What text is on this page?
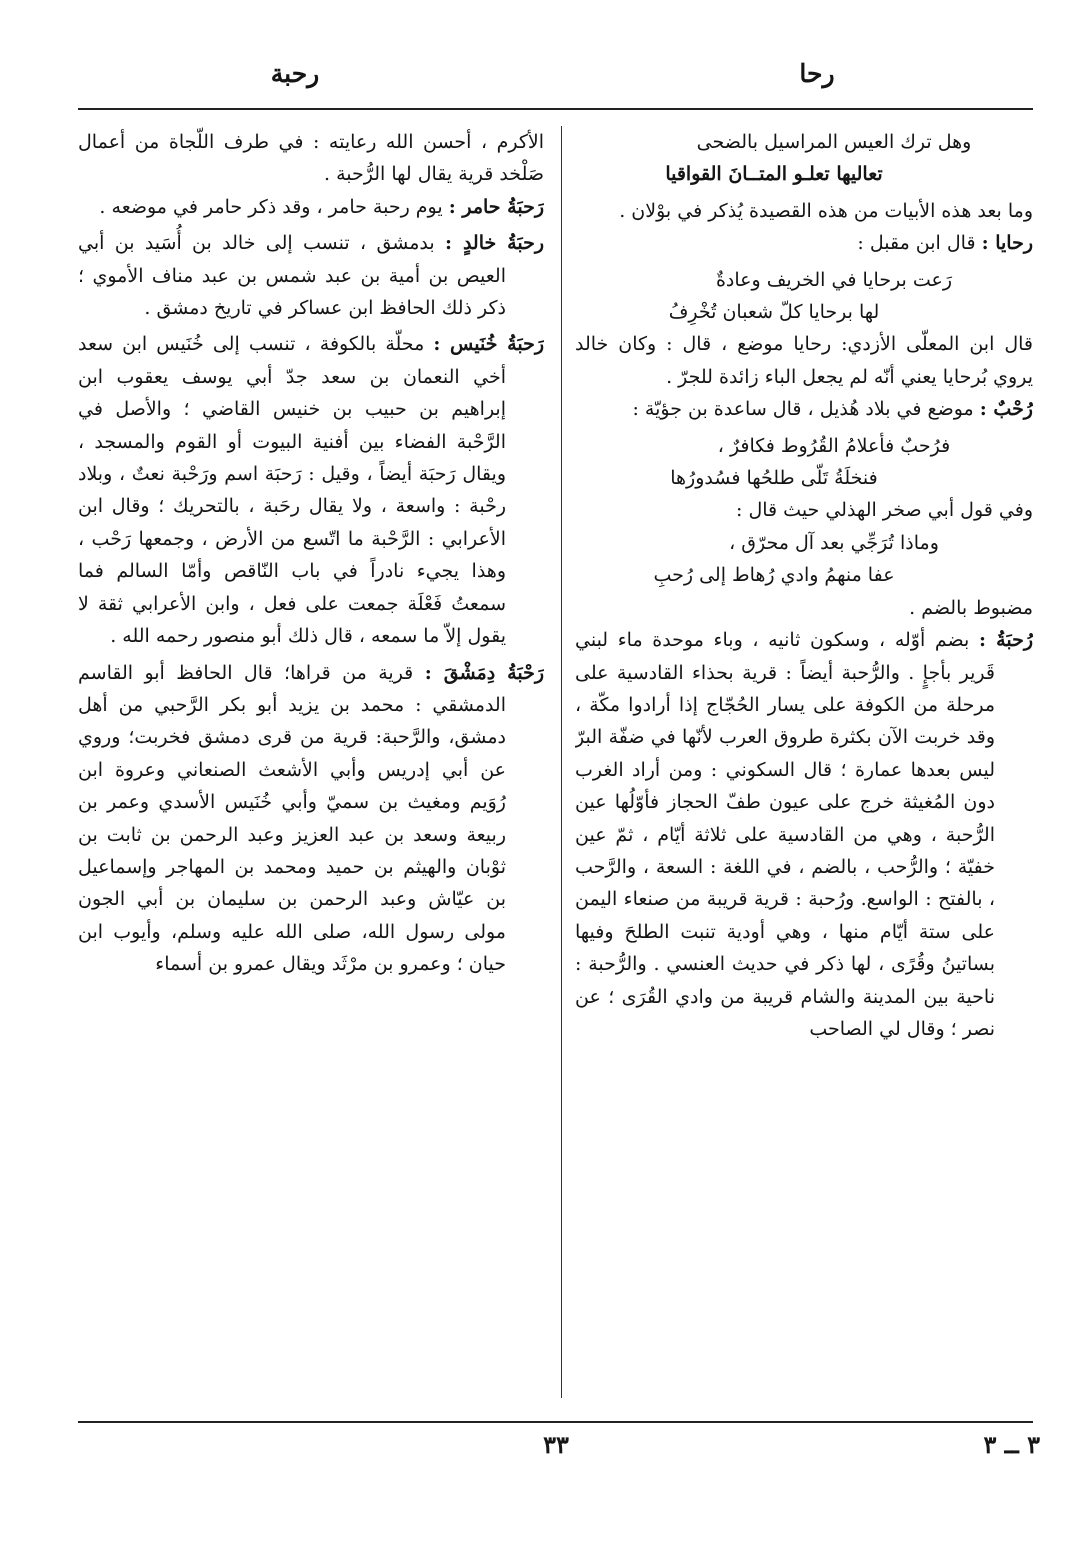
رحا
رحبة
وهل ترك العيس المراسيل بالضحى
تعاليها تعلـو المتــانَ القواقيا

وما بعد هذه الأبيات من هذه القصيدة يُذكر في بوْلان .

رحايا : قال ابن مقبل :
رَعت برحايا في الخريف وعادةٌ
لها برحايا كلّ شعبان تُخْرِفُ

قال ابن المعلّى الأزدي: رحايا موضع ، قال : وكان خالد يروي بُرحايا يعني أنّه لم يجعل الباء زائدة للجرّ .

رُحْبٌ : موضع في بلاد هُذيل ، قال ساعدة بن جؤيّة :
فرُحبٌ فأعلامُ القُرُوط فكافرٌ ،
فنخلَةُ تَلّى طلحُها فسُدورُها

وفي قول أبي صخر الهذلي حيث قال :

وماذا تُرَجِّي بعد آل محرّق ،
عفا منهمُ وادي رُهاط إلى رُحبِ

مضبوط بالضم .

رُحبَةُ : بضم أوّله ، وسكون ثانيه ، وباء موحدة ماء لبني قَرير بأجإٍ . والرُّحبة أيضاً : قرية بحذاء القادسية على مرحلة من الكوفة على يسار الحُجّاج إذا أرادوا مكّة ، وقد خربت الآن بكثرة طروق العرب لأنّها في ضفّة البرّ ليس بعدها عمارة ؛ قال السكوني : ومن أراد الغرب دون المُغيثة خرج على عيون طفّ الحجاز فأوّلُها عين الرُّحبة ، وهي من القادسية على ثلاثة أيّام ، ثمّ عين خفيّة ؛ والرُّحب ، بالضم ، في اللغة : السعة ، والرَّحب ، بالفتح : الواسع. ورُحبة : قرية قريبة من صنعاء اليمن على ستة أيّام منها ، وهي أودية تنبت الطلحَ وفيها بساتينُ وقُرًى ، لها ذكر في حديث العنسي . والرُّحبة : ناحية بين المدينة والشام قريبة من وادي القُرَى ؛ عن نصر ؛ وقال لي الصاحب

الأكرم ، أحسن الله رعايته : في طرف اللّجاة من أعمال صَلْخد قرية يقال لها الرُّحبة .

رَحبَةُ حامر : يوم رحبة حامر ، وقد ذكر حامر في موضعه .
رحبَةُ خالدٍ : بدمشق ، تنسب إلى خالد بن أُسَيد بن أبي العيص بن أمية بن عبد شمس بن عبد مناف الأموي ؛ ذكر ذلك الحافظ ابن عساكر في تاريخ دمشق .
رَحبَةُ خُنَيس : محلّة بالكوفة ، تنسب إلى خُنَيس ابن سعد أخي النعمان بن سعد جدّ أبي يوسف يعقوب ابن إبراهيم بن حبيب بن خنيس القاضي ؛ والأصل في الرَّحْبة الفضاء بين أفنية البيوت أو القوم والمسجد ، ويقال رَحبَة أيضاً ، وقيل : رَحبَة اسم ورَحْبة نعتٌ ، وبلاد رحْبة : واسعة ، ولا يقال رحَبة ، بالتحريك ؛ وقال ابن الأعرابي : الرَّحْبة ما اتّسع من الأرض ، وجمعها رَحْب ، وهذا يجيء نادراً في باب النّاقص وأمّا السالم فما سمعتُ فَعْلَة جمعت على فعل ، وابن الأعرابي ثقة لا يقول إلاّ ما سمعه ، قال ذلك أبو منصور رحمه الله .
رَحْبَةُ دِمَشْقَ : قرية من قراها؛ قال الحافظ أبو القاسم الدمشقي : محمد بن يزيد أبو بكر الرَّحبي من أهل دمشق، والرَّحبة: قرية من قرى دمشق فخربت؛ وروي عن أبي إدريس وأبي الأشعث الصنعاني وعروة ابن رُوَيم ومغيث بن سميّ وأبي خُنَيس الأسدي وعمر بن ربيعة وسعد بن عبد العزيز وعبد الرحمن بن ثابت بن ثوْبان والهيثم بن حميد ومحمد بن المهاجر وإسماعيل بن عيّاش وعبد الرحمن بن سليمان بن أبي الجون مولى رسول الله، صلى الله عليه وسلم، وأيوب ابن حيان ؛ وعمرو بن مرْثَد ويقال عمرو بن أسماء
٣٣	٣ ــ ٣
